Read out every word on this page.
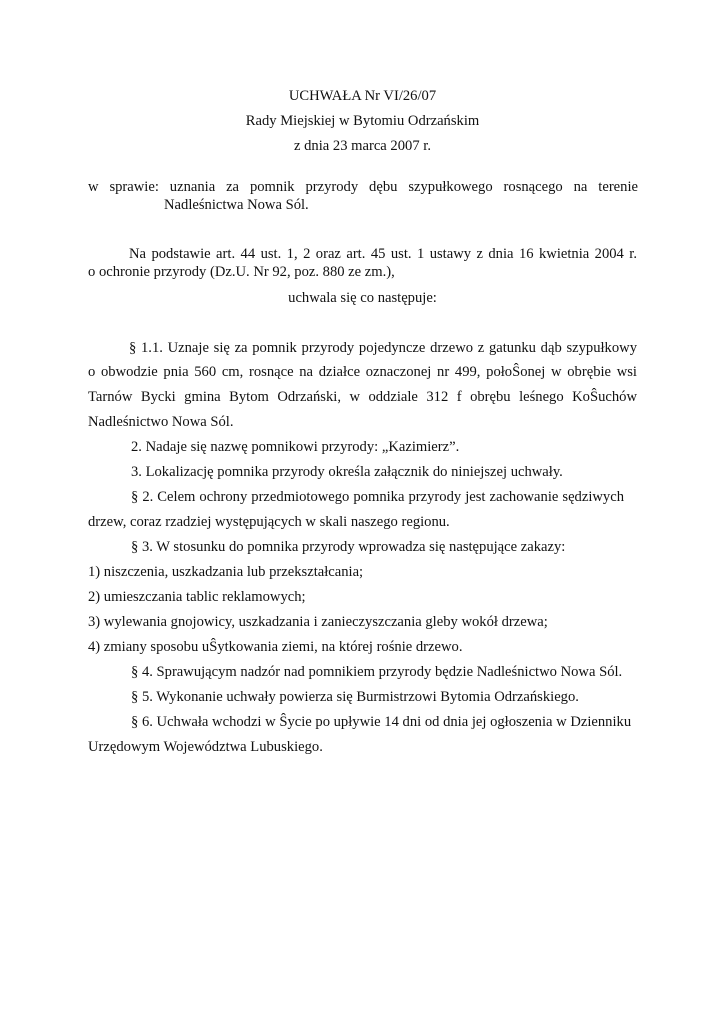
UCHWAŁA Nr VI/26/07
Rady Miejskiej w Bytomiu Odrzańskim
z dnia 23 marca 2007 r.
w sprawie: uznania za pomnik przyrody dębu szypułkowego rosnącego na terenie
Nadleśnictwa Nowa Sól.
Na podstawie art. 44 ust. 1, 2 oraz art. 45 ust. 1 ustawy z dnia 16 kwietnia 2004 r.
o ochronie przyrody (Dz.U. Nr 92, poz. 880 ze zm.),
uchwala się co następuje:
§ 1.1. Uznaje się za pomnik przyrody pojedyncze drzewo z gatunku dąb szypułkowy
o obwodzie pnia 560 cm, rosnące na działce oznaczonej nr 499, połoŜonej w obrębie wsi
Tarnów Bycki gmina Bytom Odrzański, w oddziale 312 f obrębu leśnego KoŜuchów
Nadleśnictwo Nowa Sól.
2. Nadaje się nazwę pomnikowi przyrody: „Kazimierz”.
3. Lokalizację pomnika przyrody określa załącznik do niniejszej uchwały.
§ 2. Celem ochrony przedmiotowego pomnika przyrody jest zachowanie sędziwych
drzew, coraz rzadziej występujących w skali naszego regionu.
§ 3. W stosunku do pomnika przyrody wprowadza się następujące zakazy:
1) niszczenia, uszkadzania lub przekształcania;
2) umieszczania tablic reklamowych;
3) wylewania gnojowicy, uszkadzania i zanieczyszczania gleby wokół drzewa;
4) zmiany sposobu uŜytkowania ziemi, na której rośnie drzewo.
§ 4. Sprawującym nadzór nad pomnikiem przyrody będzie Nadleśnictwo Nowa Sól.
§ 5. Wykonanie uchwały powierza się Burmistrzowi Bytomia Odrzańskiego.
§ 6. Uchwała wchodzi w Ŝycie po upływie 14 dni od dnia jej ogłoszenia w Dzienniku
Urzędowym Województwa Lubuskiego.
